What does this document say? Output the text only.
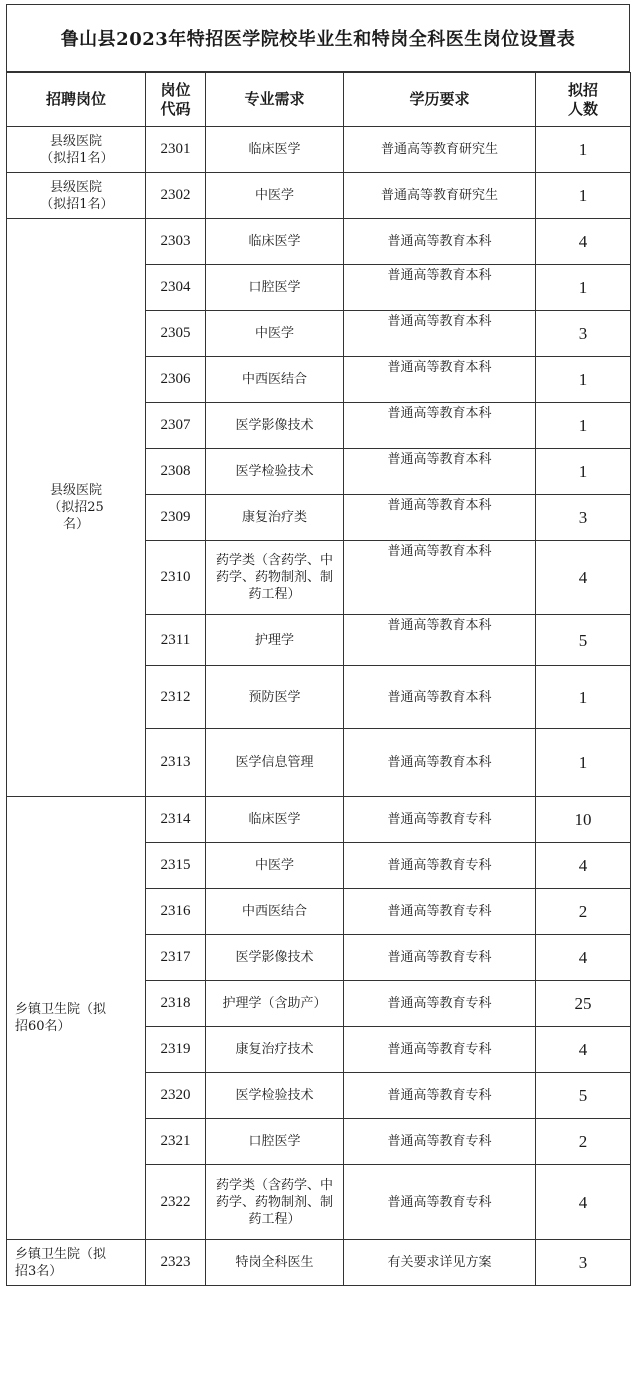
鲁山县2023年特招医学院校毕业生和特岗全科医生岗位设置表
招聘岗位	岗位代码	专业需求	学历要求	拟招人数
县级医院（拟招1名）	2301	临床医学	普通高等教育研究生	1
县级医院（拟招1名）	2302	中医学	普通高等教育研究生	1
县级医院（拟招25名）	2303	临床医学	普通高等教育本科	4
	2304	口腔医学	普通高等教育本科	1
	2305	中医学	普通高等教育本科	3
	2306	中西医结合	普通高等教育本科	1
	2307	医学影像技术	普通高等教育本科	1
	2308	医学检验技术	普通高等教育本科	1
	2309	康复治疗类	普通高等教育本科	3
	2310	药学类（含药学、中药学、药物制剂、制药工程）	普通高等教育本科	4
	2311	护理学	普通高等教育本科	5
	2312	预防医学	普通高等教育本科	1
	2313	医学信息管理	普通高等教育本科	1
乡镇卫生院（拟招60名）	2314	临床医学	普通高等教育专科	10
	2315	中医学	普通高等教育专科	4
	2316	中西医结合	普通高等教育专科	2
	2317	医学影像技术	普通高等教育专科	4
	2318	护理学（含助产）	普通高等教育专科	25
	2319	康复治疗技术	普通高等教育专科	4
	2320	医学检验技术	普通高等教育专科	5
	2321	口腔医学	普通高等教育专科	2
	2322	药学类（含药学、中药学、药物制剂、制药工程）	普通高等教育专科	4
乡镇卫生院（拟招3名）	2323	特岗全科医生	有关要求详见方案	3
